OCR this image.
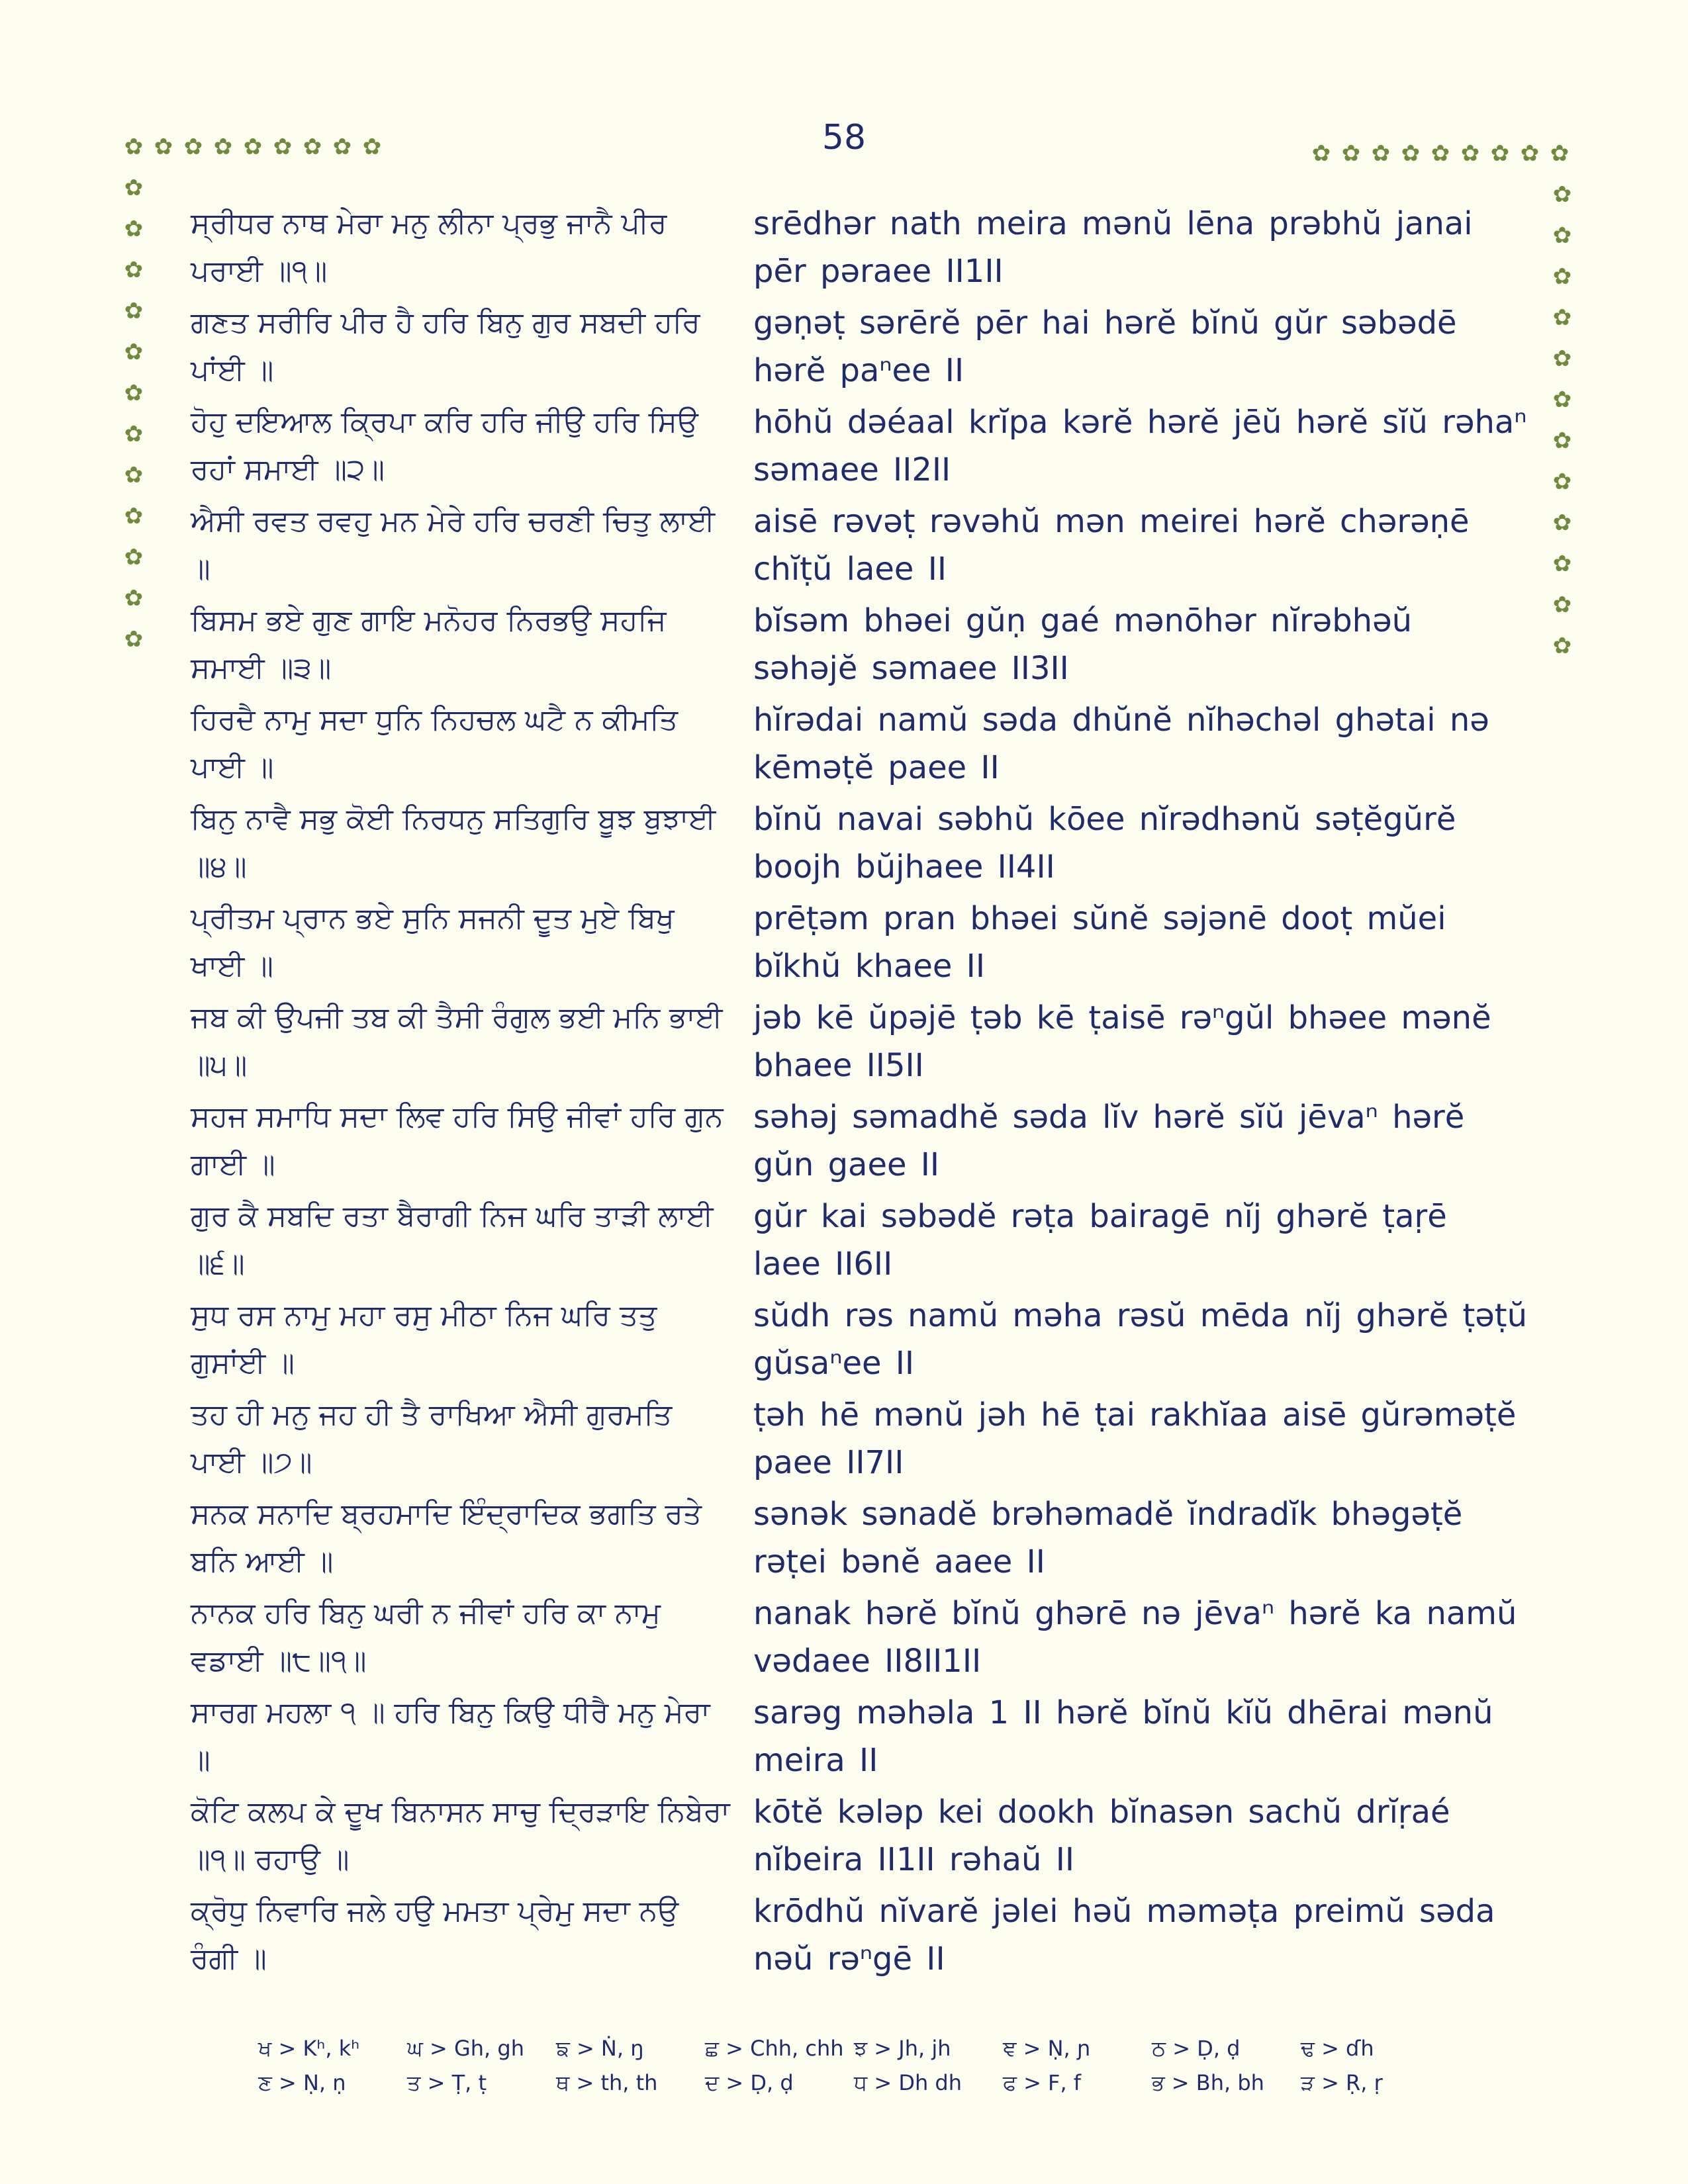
58
✿ ✿ ✿ ✿ ✿ ✿ ✿ ✿ ✿
✿
✿
✿
✿
✿
✿
✿
✿
✿
✿
✿
✿
✿ ✿ ✿ ✿ ✿ ✿ ✿ ✿ ✿
✿
✿
✿
✿
✿
✿
✿
✿
✿
✿
✿
✿
ਸ੍ਰੀਧਰ ਨਾਥ ਮੇਰਾ ਮਨੁ ਲੀਨਾ ਪ੍ਰਭੁ ਜਾਨੈ ਪੀਰ ਪਰਾਈ ॥੧॥
srēdhər nath meira mənŭ lēna prəbhŭ janai pēr pəraee II1II
ਗਣਤ ਸਰੀਰਿ ਪੀਰ ਹੈ ਹਰਿ ਬਿਨੁ ਗੁਰ ਸਬਦੀ ਹਰਿ ਪਾਂਈ ॥
gəṇəṭ sərērĕ pēr hai hərĕ bĭnŭ gŭr səbədē hərĕ paⁿee II
ਹੋਹੁ ਦਇਆਲ ਕ੍ਰਿਪਾ ਕਰਿ ਹਰਿ ਜੀਉ ਹਰਿ ਸਿਉ ਰਹਾਂ ਸਮਾਈ ॥੨॥
hōhŭ dəéaal krĭpa kərĕ hərĕ jēŭ hərĕ sĭŭ rəhaⁿ səmaee II2II
ਐਸੀ ਰਵਤ ਰਵਹੁ ਮਨ ਮੇਰੇ ਹਰਿ ਚਰਣੀ ਚਿਤੁ ਲਾਈ ॥
aisē rəvəṭ rəvəhŭ mən meirei hərĕ chərəṇē chĭṭŭ laee II
ਬਿਸਮ ਭਏ ਗੁਣ ਗਾਇ ਮਨੋਹਰ ਨਿਰਭਉ ਸਹਜਿ ਸਮਾਈ ॥੩॥
bĭsəm bhəei gŭṇ gaé mənōhər nĭrəbhəŭ səhəjĕ səmaee II3II
ਹਿਰਦੈ ਨਾਮੁ ਸਦਾ ਧੁਨਿ ਨਿਹਚਲ ਘਟੈ ਨ ਕੀਮਤਿ ਪਾਈ ॥
hĭrədai namŭ səda dhŭnĕ nĭhəchəl ghətai nə kēməṭĕ paee II
ਬਿਨੁ ਨਾਵੈ ਸਭੁ ਕੋਈ ਨਿਰਧਨੁ ਸਤਿਗੁਰਿ ਬੂਝ ਬੁਝਾਈ ॥੪॥
bĭnŭ navai səbhŭ kōee nĭrədhənŭ səṭĕgŭrĕ boojh bŭjhaee II4II
ਪ੍ਰੀਤਮ ਪ੍ਰਾਨ ਭਏ ਸੁਨਿ ਸਜਨੀ ਦੂਤ ਮੁਏ ਬਿਖੁ ਖਾਈ ॥
prēṭəm pran bhəei sŭnĕ səjənē dooṭ mŭei bĭkhŭ khaee II
ਜਬ ਕੀ ਉਪਜੀ ਤਬ ਕੀ ਤੈਸੀ ਰੰਗੁਲ ਭਈ ਮਨਿ ਭਾਈ ॥੫॥
jəb kē ŭpəjē ṭəb kē ṭaisē rəⁿgŭl bhəee mənĕ bhaee II5II
ਸਹਜ ਸਮਾਧਿ ਸਦਾ ਲਿਵ ਹਰਿ ਸਿਉ ਜੀਵਾਂ ਹਰਿ ਗੁਨ ਗਾਈ ॥
səhəj səmadhĕ səda lĭv hərĕ sĭŭ jēvaⁿ hərĕ gŭn gaee II
ਗੁਰ ਕੈ ਸਬਦਿ ਰਤਾ ਬੈਰਾਗੀ ਨਿਜ ਘਰਿ ਤਾੜੀ ਲਾਈ ॥੬॥
gŭr kai səbədĕ rəṭa bairagē nĭj ghərĕ ṭaṛē laee II6II
ਸੁਧ ਰਸ ਨਾਮੁ ਮਹਾ ਰਸੁ ਮੀਠਾ ਨਿਜ ਘਰਿ ਤਤੁ ਗੁਸਾਂਈ ॥
sŭdh rəs namŭ məha rəsŭ mēda nĭj ghərĕ ṭəṭŭ gŭsaⁿee II
ਤਹ ਹੀ ਮਨੁ ਜਹ ਹੀ ਤੈ ਰਾਖਿਆ ਐਸੀ ਗੁਰਮਤਿ ਪਾਈ ॥੭॥
ṭəh hē mənŭ jəh hē ṭai rakhĭaa aisē gŭrəməṭĕ paee II7II
ਸਨਕ ਸਨਾਦਿ ਬ੍ਰਹਮਾਦਿ ਇੰਦ੍ਰਾਦਿਕ ਭਗਤਿ ਰਤੇ ਬਨਿ ਆਈ ॥
sənək sənadĕ brəhəmadĕ ĭndradĭk bhəgəṭĕ rəṭei bənĕ aaee II
ਨਾਨਕ ਹਰਿ ਬਿਨੁ ਘਰੀ ਨ ਜੀਵਾਂ ਹਰਿ ਕਾ ਨਾਮੁ ਵਡਾਈ ॥੮॥੧॥
nanak hərĕ bĭnŭ ghərē nə jēvaⁿ hərĕ ka namŭ vədaee II8II1II
ਸਾਰਗ ਮਹਲਾ ੧ ॥ ਹਰਿ ਬਿਨੁ ਕਿਉ ਧੀਰੈ ਮਨੁ ਮੇਰਾ ॥
sarəg məhəla 1 II hərĕ bĭnŭ kĭŭ dhērai mənŭ meira II
ਕੋਟਿ ਕਲਪ ਕੇ ਦੂਖ ਬਿਨਾਸਨ ਸਾਚੁ ਦ੍ਰਿੜਾਇ ਨਿਬੇਰਾ ॥੧॥ ਰਹਾਉ ॥
kōtĕ kələp kei dookh bĭnasən sachŭ drĭṛaé nĭbeira II1II rəhaŭ II
ਕ੍ਰੋਧੁ ਨਿਵਾਰਿ ਜਲੇ ਹਉ ਮਮਤਾ ਪ੍ਰੇਮੁ ਸਦਾ ਨਉ ਰੰਗੀ ॥
krōdhŭ nĭvarĕ jəlei həŭ məməṭa preimŭ səda nəŭ rəⁿgē II
ਖ > Kʰ, kʰ	ਘ > Gh, gh	ਙ > Ṅ, ŋ	ਛ > Chh, chh ਝ > Jh, jh	ਞ > Ṇ, ɲ	ਠ > Ḍ, ḍ	ਢ > ɗh
ਣ > Ṇ, ṇ	ਤ > Ṭ, ṭ	ਥ > th, th	ਦ > Ḍ, ḍ	ਧ > Dh dh	ਫ > F, f	ਭ > Bh, bh	ੜ > Ṛ, ṛ
